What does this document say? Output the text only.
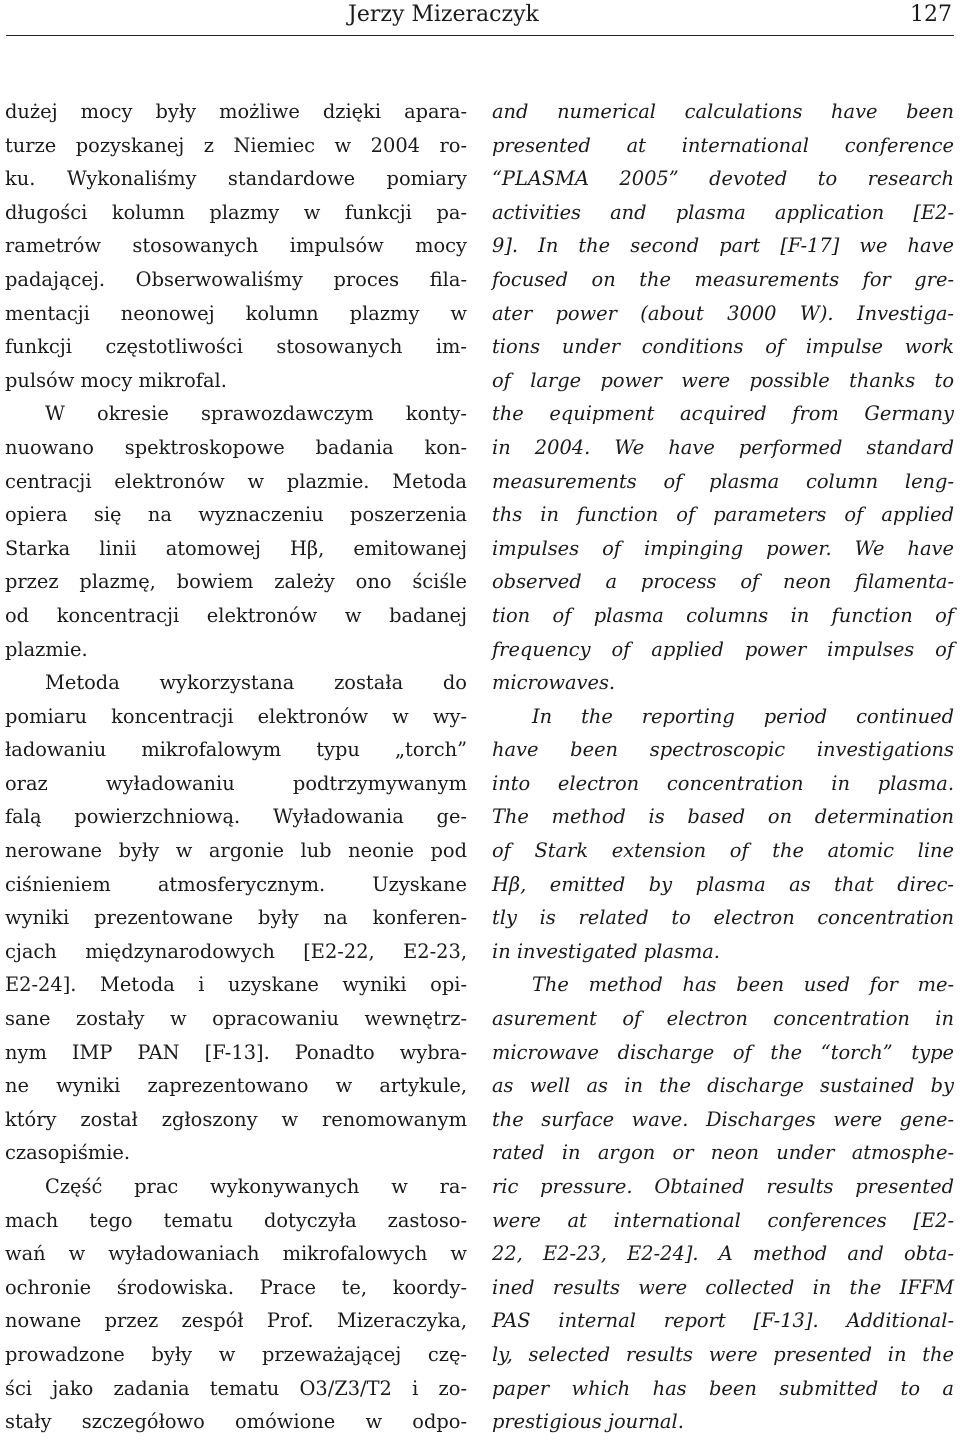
Jerzy Mizeraczyk	127
dużej mocy były możliwe dzięki apara-
turze pozyskanej z Niemiec w 2004 ro-
ku. Wykonaliśmy standardowe pomiary
długości kolumn plazmy w funkcji pa-
rametrów stosowanych impulsów mocy
padającej. Obserwowaliśmy proces fila-
mentacji neonowej kolumn plazmy w
funkcji częstotliwości stosowanych im-
pulsów mocy mikrofal.
W okresie sprawozdawczym konty-
nuowano spektroskopowe badania kon-
centracji elektronów w plazmie. Metoda
opiera się na wyznaczeniu poszerzenia
Starka linii atomowej Hβ, emitowanej
przez plazmę, bowiem zależy ono ściśle
od koncentracji elektronów w badanej
plazmie.
Metoda wykorzystana została do
pomiaru koncentracji elektronów w wy-
ładowaniu mikrofalowym typu „torch”
oraz wyładowaniu podtrzymywanym
falą powierzchniową. Wyładowania ge-
nerowane były w argonie lub neonie pod
ciśnieniem atmosferycznym. Uzyskane
wyniki prezentowane były na konferen-
cjach międzynarodowych [E2-22, E2-23,
E2-24]. Metoda i uzyskane wyniki opi-
sane zostały w opracowaniu wewnętrz-
nym IMP PAN [F-13]. Ponadto wybra-
ne wyniki zaprezentowano w artykule,
który został zgłoszony w renomowanym
czasopiśmie.
Część prac wykonywanych w ra-
mach tego tematu dotyczyła zastoso-
wań w wyładowaniach mikrofalowych w
ochronie środowiska. Prace te, koordy-
nowane przez zespół Prof. Mizeraczyka,
prowadzone były w przeważającej czę-
ści jako zadania tematu O3/Z3/T2 i zo-
stały szczegółowo omówione w odpo-
and numerical calculations have been
presented at international conference
“PLASMA 2005” devoted to research
activities and plasma application [E2-
9]. In the second part [F-17] we have
focused on the measurements for gre-
ater power (about 3000 W). Investiga-
tions under conditions of impulse work
of large power were possible thanks to
the equipment acquired from Germany
in 2004. We have performed standard
measurements of plasma column leng-
ths in function of parameters of applied
impulses of impinging power. We have
observed a process of neon filamenta-
tion of plasma columns in function of
frequency of applied power impulses of
microwaves.
In the reporting period continued
have been spectroscopic investigations
into electron concentration in plasma.
The method is based on determination
of Stark extension of the atomic line
Hβ, emitted by plasma as that direc-
tly is related to electron concentration
in investigated plasma.
The method has been used for me-
asurement of electron concentration in
microwave discharge of the “torch” type
as well as in the discharge sustained by
the surface wave. Discharges were gene-
rated in argon or neon under atmosphe-
ric pressure. Obtained results presented
were at international conferences [E2-
22, E2-23, E2-24]. A method and obta-
ined results were collected in the IFFM
PAS internal report [F-13]. Additional-
ly, selected results were presented in the
paper which has been submitted to a
prestigious journal.
